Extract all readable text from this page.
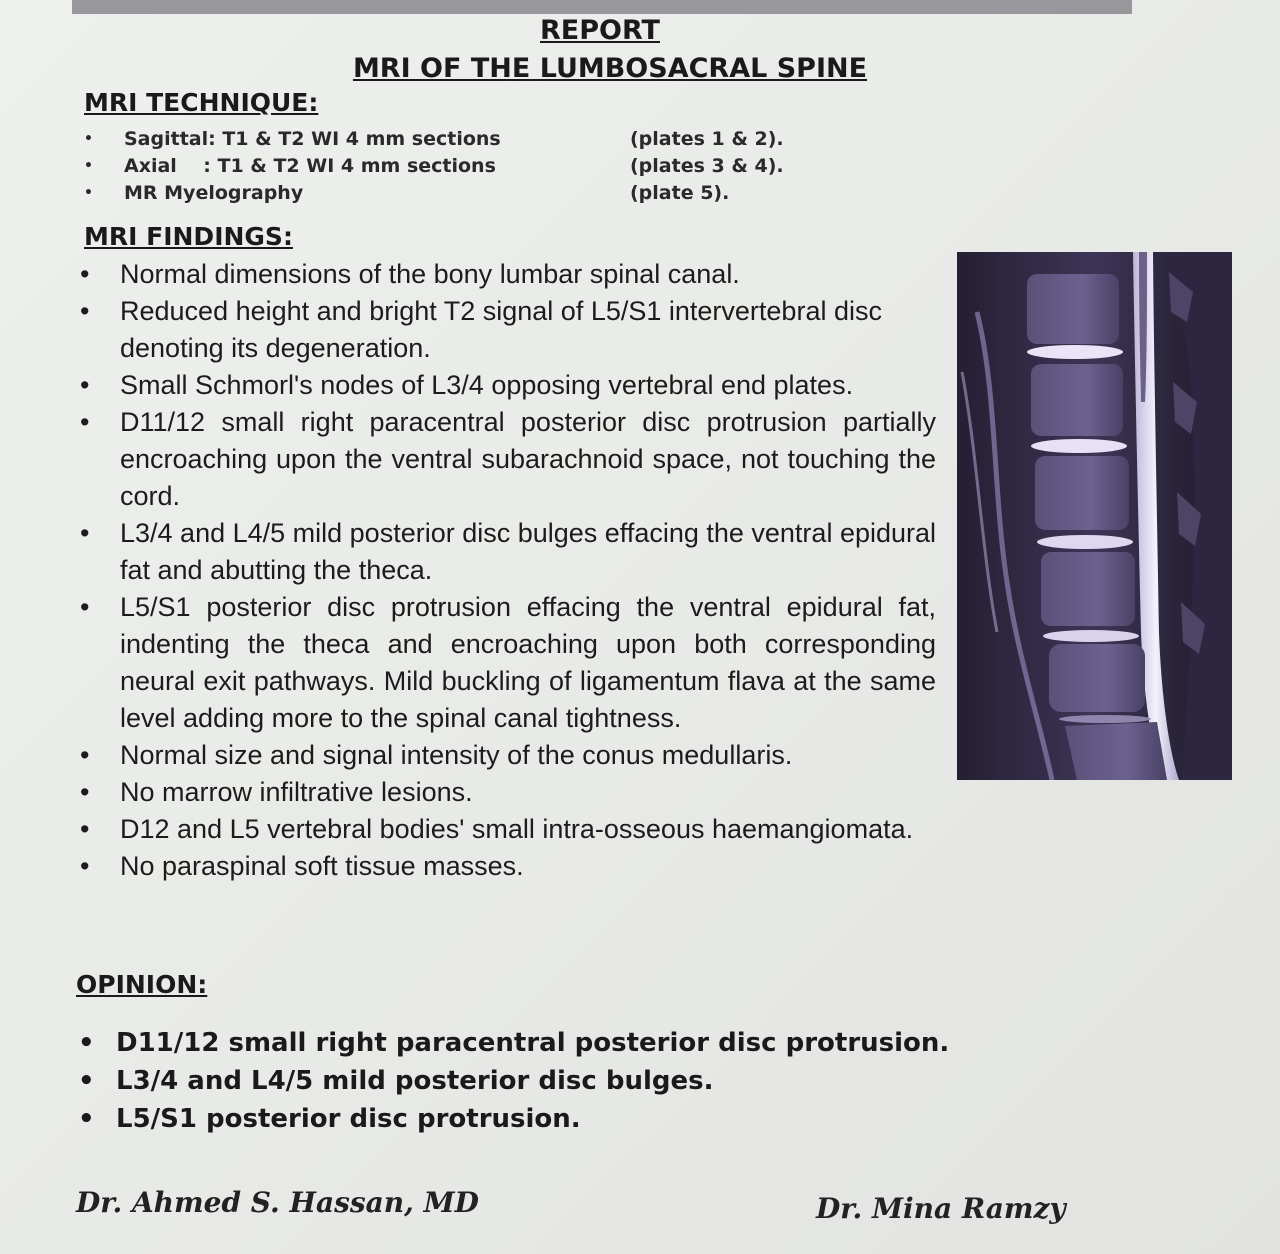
REPORT
MRI OF THE LUMBOSACRAL SPINE
MRI TECHNIQUE:
• Sagittal: T1 & T2 WI 4 mm sections	(plates 1 & 2).
• Axial    : T1 & T2 WI 4 mm sections	(plates 3 & 4).
• MR Myelography	(plate 5).
MRI FINDINGS:
• Normal dimensions of the bony lumbar spinal canal.
• Reduced height and bright T2 signal of L5/S1 intervertebral disc denoting its degeneration.
• Small Schmorl's nodes of L3/4 opposing vertebral end plates.
• D11/12 small right paracentral posterior disc protrusion partially encroaching upon the ventral subarachnoid space, not touching the cord.
• L3/4 and L4/5 mild posterior disc bulges effacing the ventral epidural fat and abutting the theca.
• L5/S1 posterior disc protrusion effacing the ventral epidural fat, indenting the theca and encroaching upon both corresponding neural exit pathways. Mild buckling of ligamentum flava at the same level adding more to the spinal canal tightness.
• Normal size and signal intensity of the conus medullaris.
• No marrow infiltrative lesions.
• D12 and L5 vertebral bodies' small intra-osseous haemangiomata.
• No paraspinal soft tissue masses.
OPINION:
• D11/12 small right paracentral posterior disc protrusion.
• L3/4 and L4/5 mild posterior disc bulges.
• L5/S1 posterior disc protrusion.
Dr. Ahmed S. Hassan, MD	Dr. Mina Ramzy
